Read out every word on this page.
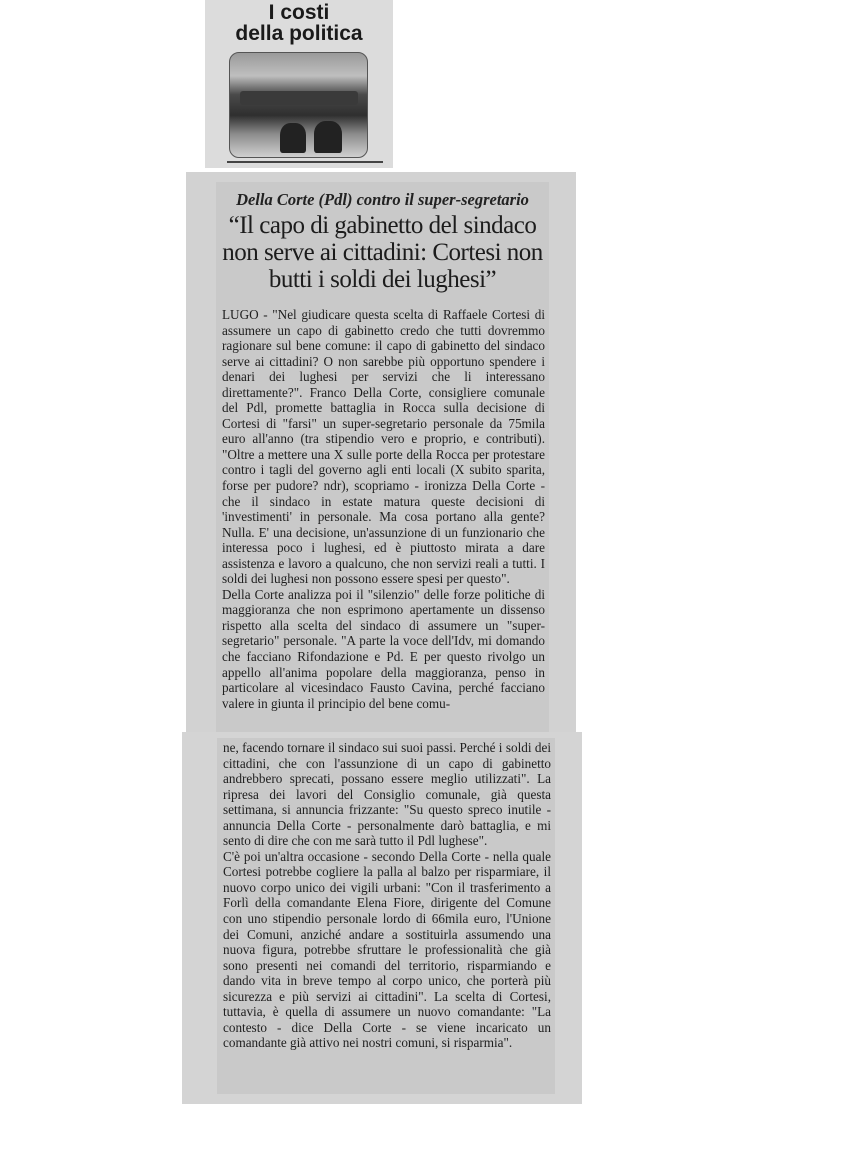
I costi
della politica
Della Corte (Pdl) contro il super-segretario
“Il capo di gabinetto del sindaco non serve ai cittadini: Cortesi non butti i soldi dei lughesi”

LUGO - "Nel giudicare questa scelta di Raffaele Cortesi di assumere un capo di gabinetto credo che tutti dovremmo ragionare sul bene comune: il capo di gabinetto del sindaco serve ai cittadini? O non sarebbe più opportuno spendere i denari dei lughesi per servizi che li interessano direttamente?". Franco Della Corte, consigliere comunale del Pdl, promette battaglia in Rocca sulla decisione di Cortesi di "farsi" un super-segretario personale da 75mila euro all'anno (tra stipendio vero e proprio, e contributi). "Oltre a mettere una X sulle porte della Rocca per protestare contro i tagli del governo agli enti locali (X subito sparita, forse per pudore? ndr), scopriamo - ironizza Della Corte - che il sindaco in estate matura queste decisioni di 'investimenti' in personale. Ma cosa portano alla gente? Nulla. E' una decisione, un'assunzione di un funzionario che interessa poco i lughesi, ed è piuttosto mirata a dare assistenza e lavoro a qualcuno, che non servizi reali a tutti. I soldi dei lughesi non possono essere spesi per questo".

Della Corte analizza poi il "silenzio" delle forze politiche di maggioranza che non esprimono apertamente un dissenso rispetto alla scelta del sindaco di assumere un "super-segretario" personale. "A parte la voce dell'Idv, mi domando che facciano Rifondazione e Pd. E per questo rivolgo un appello all'anima popolare della maggioranza, penso in particolare al vicesindaco Fausto Cavina, perché facciano valere in giunta il principio del bene comu-

ne, facendo tornare il sindaco sui suoi passi. Perché i soldi dei cittadini, che con l'assunzione di un capo di gabinetto andrebbero sprecati, possano essere meglio utilizzati". La ripresa dei lavori del Consiglio comunale, già questa settimana, si annuncia frizzante: "Su questo spreco inutile - annuncia Della Corte - personalmente darò battaglia, e mi sento di dire che con me sarà tutto il Pdl lughese".

C'è poi un'altra occasione - secondo Della Corte - nella quale Cortesi potrebbe cogliere la palla al balzo per risparmiare, il nuovo corpo unico dei vigili urbani: "Con il trasferimento a Forlì della comandante Elena Fiore, dirigente del Comune con uno stipendio personale lordo di 66mila euro, l'Unione dei Comuni, anziché andare a sostituirla assumendo una nuova figura, potrebbe sfruttare le professionalità che già sono presenti nei comandi del territorio, risparmiando e dando vita in breve tempo al corpo unico, che porterà più sicurezza e più servizi ai cittadini". La scelta di Cortesi, tuttavia, è quella di assumere un nuovo comandante: "La contesto - dice Della Corte - se viene incaricato un comandante già attivo nei nostri comuni, si risparmia".
